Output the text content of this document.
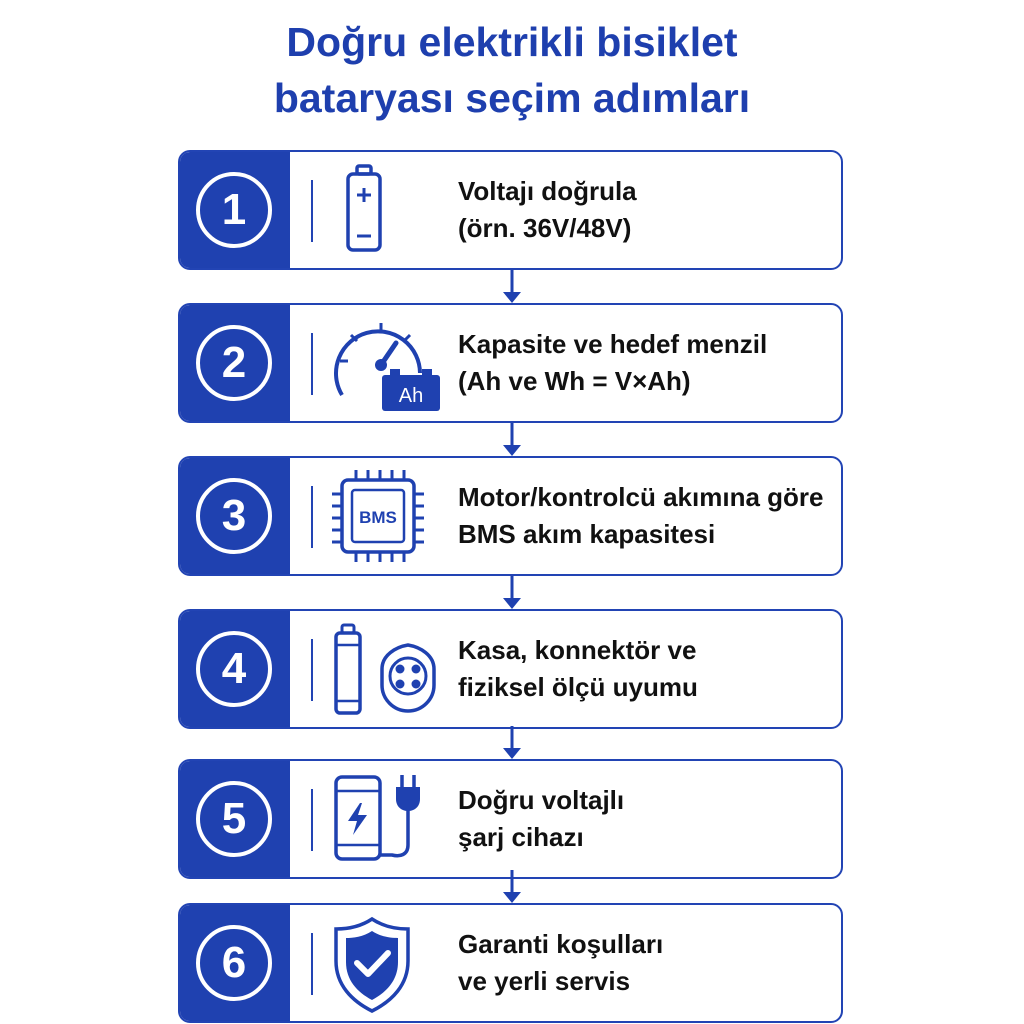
Doğru elektrikli bisiklet
bataryası seçim adımları
1	Voltajı doğrula
(örn. 36V/48V)
2
Ah
Kapasite ve hedef menzil
(Ah ve Wh = V×Ah)
3	BMS
Motor/kontrolcü akımına göre
BMS akım kapasitesi
4	Kasa, konnektör ve
fiziksel ölçü uyumu
5	Doğru voltajlı
şarj cihazı
6	Garanti koşulları
ve yerli servis
